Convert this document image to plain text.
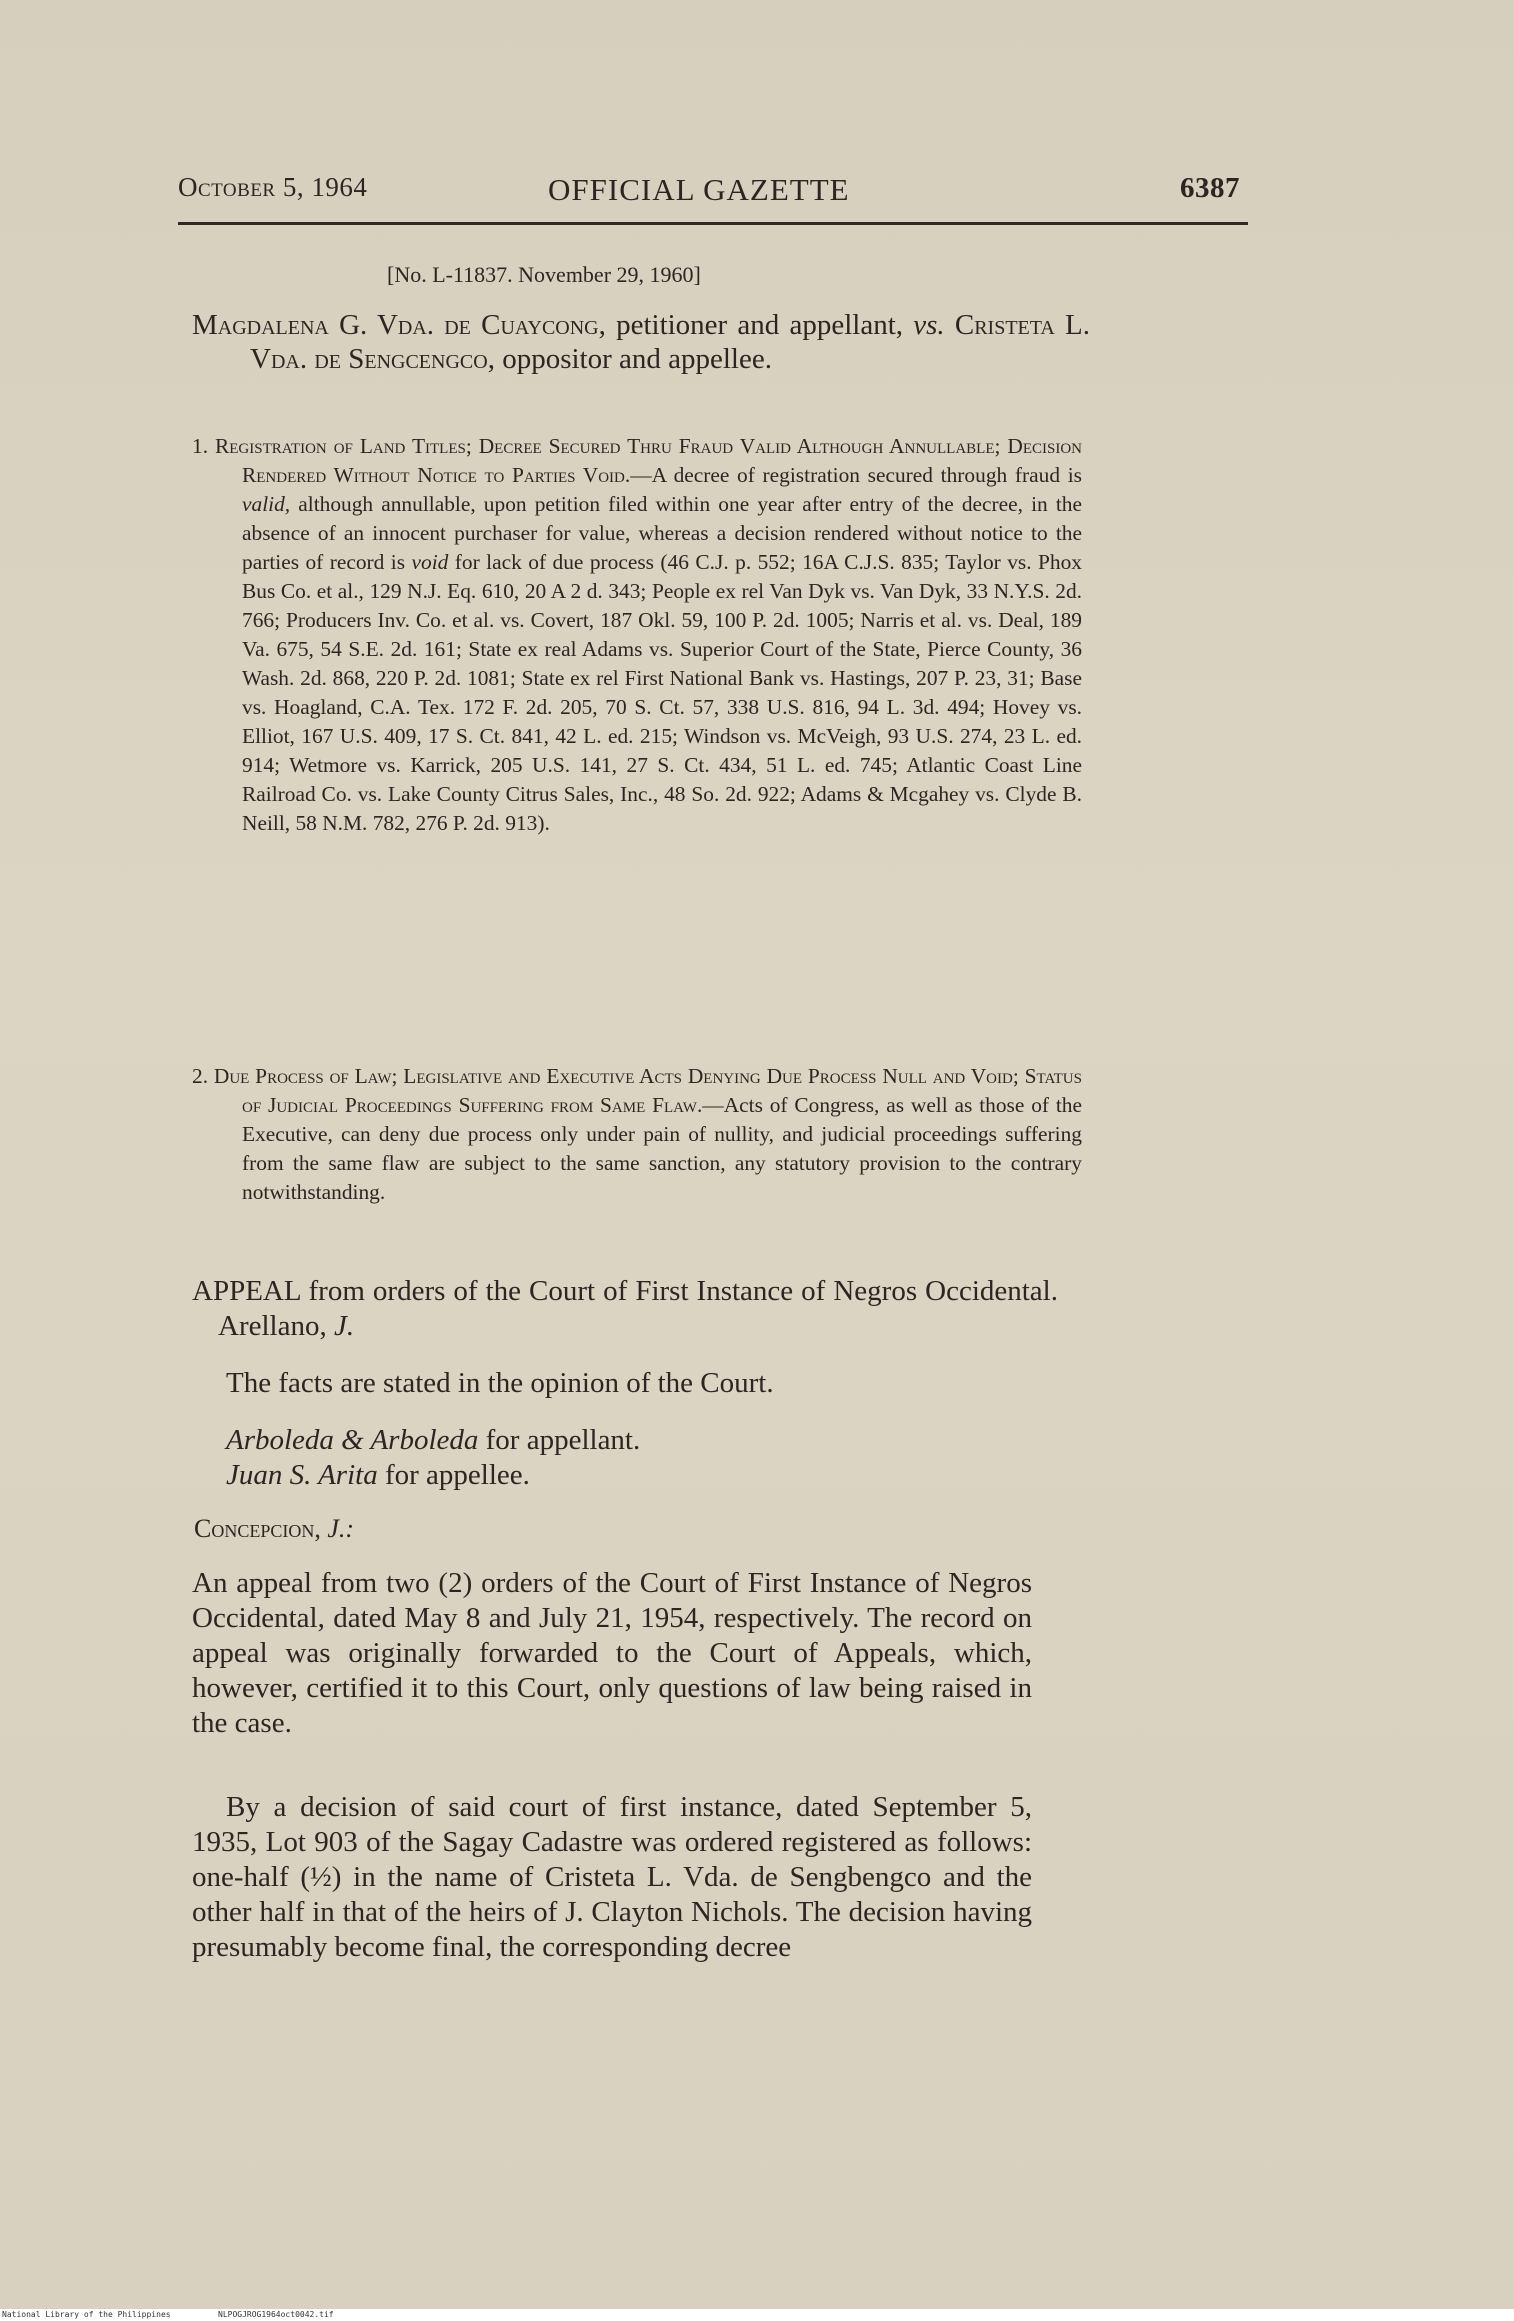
October 5, 1964	OFFICIAL GAZETTE	6387
[No. L-11837. November 29, 1960]
Magdalena G. Vda. de Cuaycong, petitioner and appellant, vs. Cristeta L. Vda. de Sengcengco, oppositor and appellee.
1. Registration of Land Titles; Decree Secured Thru Fraud Valid Although Annullable; Decision Rendered Without Notice to Parties Void.—A decree of registration secured through fraud is valid, although annullable, upon petition filed within one year after entry of the decree, in the absence of an innocent purchaser for value, whereas a decision rendered without notice to the parties of record is void for lack of due process (46 C.J. p. 552; 16A C.J.S. 835; Taylor vs. Phox Bus Co. et al., 129 N.J. Eq. 610, 20 A 2 d. 343; People ex rel Van Dyk vs. Van Dyk, 33 N.Y.S. 2d. 766; Producers Inv. Co. et al. vs. Covert, 187 Okl. 59, 100 P. 2d. 1005; Narris et al. vs. Deal, 189 Va. 675, 54 S.E. 2d. 161; State ex real Adams vs. Superior Court of the State, Pierce County, 36 Wash. 2d. 868, 220 P. 2d. 1081; State ex rel First National Bank vs. Hastings, 207 P. 23, 31; Base vs. Hoagland, C.A. Tex. 172 F. 2d. 205, 70 S. Ct. 57, 338 U.S. 816, 94 L. 3d. 494; Hovey vs. Elliot, 167 U.S. 409, 17 S. Ct. 841, 42 L. ed. 215; Windson vs. McVeigh, 93 U.S. 274, 23 L. ed. 914; Wetmore vs. Karrick, 205 U.S. 141, 27 S. Ct. 434, 51 L. ed. 745; Atlantic Coast Line Railroad Co. vs. Lake County Citrus Sales, Inc., 48 So. 2d. 922; Adams & Mcgahey vs. Clyde B. Neill, 58 N.M. 782, 276 P. 2d. 913).
2. Due Process of Law; Legislative and Executive Acts Denying Due Process Null and Void; Status of Judicial Proceedings Suffering from Same Flaw.—Acts of Congress, as well as those of the Executive, can deny due process only under pain of nullity, and judicial proceedings suffering from the same flaw are subject to the same sanction, any statutory provision to the contrary notwithstanding.
APPEAL from orders of the Court of First Instance of Negros Occidental. Arellano, J.
The facts are stated in the opinion of the Court.
Arboleda & Arboleda for appellant.
Juan S. Arita for appellee.
Concepcion, J.:
An appeal from two (2) orders of the Court of First Instance of Negros Occidental, dated May 8 and July 21, 1954, respectively. The record on appeal was originally forwarded to the Court of Appeals, which, however, certified it to this Court, only questions of law being raised in the case.
By a decision of said court of first instance, dated September 5, 1935, Lot 903 of the Sagay Cadastre was ordered registered as follows: one-half (½) in the name of Cristeta L. Vda. de Sengbengco and the other half in that of the heirs of J. Clayton Nichols. The decision having presumably become final, the corresponding decree
National Library of the Philippines	NLPOGJROG1964oct0042.tif
